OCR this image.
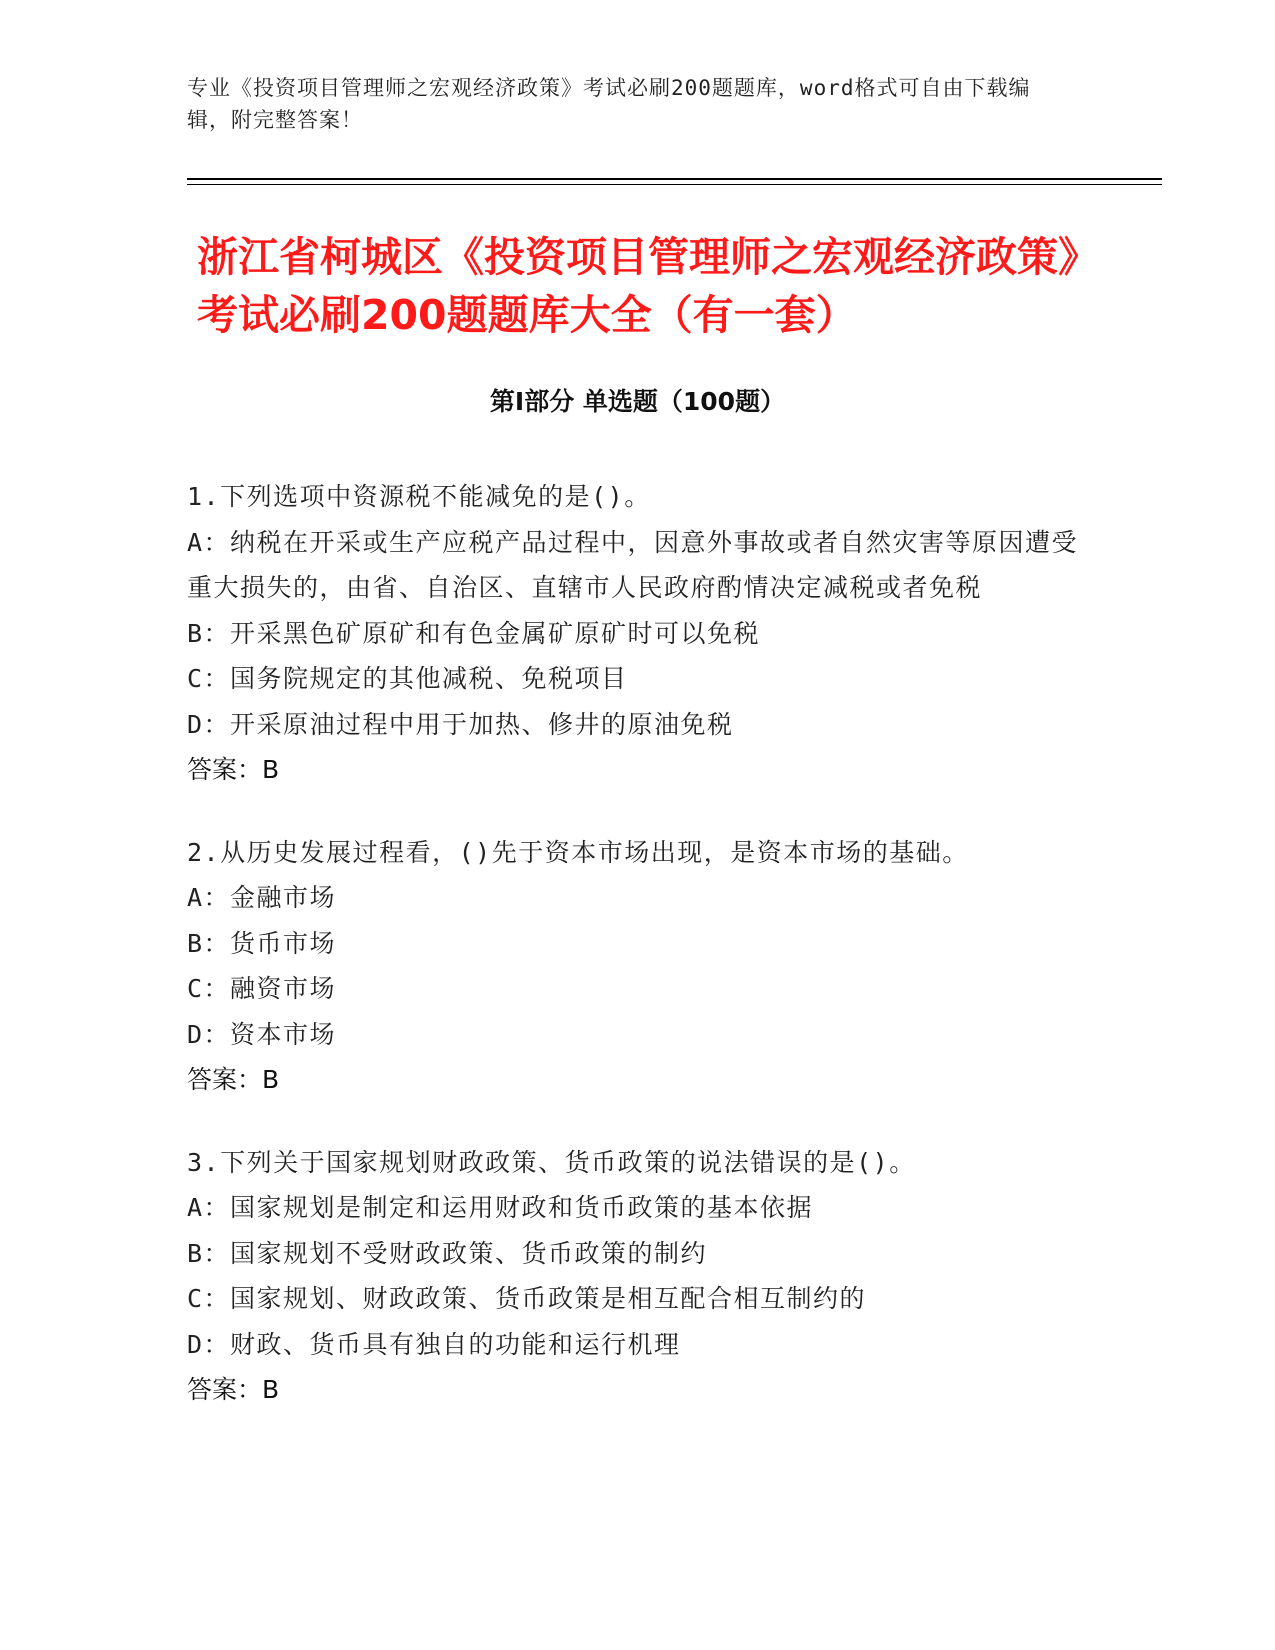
专业《投资项目管理师之宏观经济政策》考试必刷200题题库，word格式可自由下载编辑，附完整答案！
浙江省柯城区《投资项目管理师之宏观经济政策》考试必刷200题题库大全（有一套）
第I部分 单选题（100题）

1.下列选项中资源税不能减免的是()。

A：纳税在开采或生产应税产品过程中，因意外事故或者自然灾害等原因遭受重大损失的，由省、自治区、直辖市人民政府酌情决定减税或者免税

B：开采黑色矿原矿和有色金属矿原矿时可以免税

C：国务院规定的其他减税、免税项目

D：开采原油过程中用于加热、修井的原油免税

答案：B

2.从历史发展过程看，()先于资本市场出现，是资本市场的基础。

A：金融市场

B：货币市场

C：融资市场

D：资本市场

答案：B

3.下列关于国家规划财政政策、货币政策的说法错误的是()。

A：国家规划是制定和运用财政和货币政策的基本依据

B：国家规划不受财政政策、货币政策的制约

C：国家规划、财政政策、货币政策是相互配合相互制约的

D：财政、货币具有独自的功能和运行机理

答案：B
